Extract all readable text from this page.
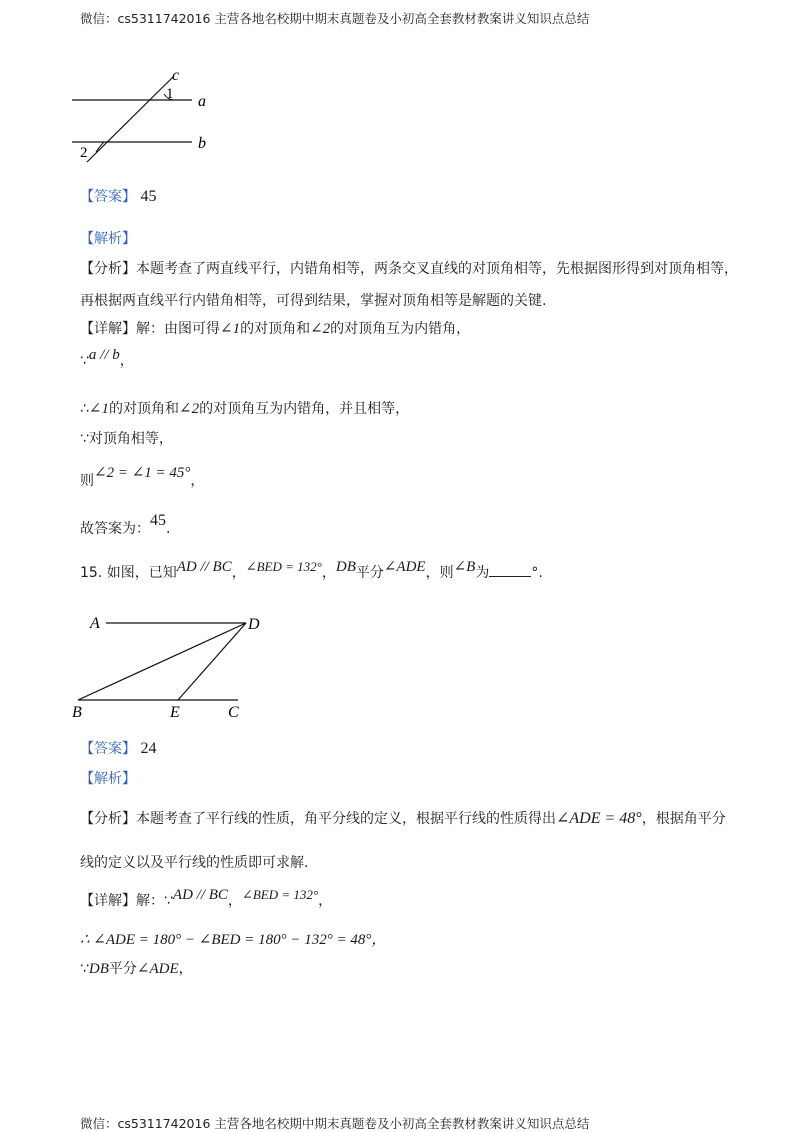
微信：cs5311742016 主营各地名校期中期末真题卷及小初高全套教材教案讲义知识点总结
c
1 a
b
2
【答案】 45
【解析】
【分析】本题考查了两直线平行，内错角相等，两条交叉直线的对顶角相等，先根据图形得到对顶角相等，
再根据两直线平行内错角相等，可得到结果，掌握对顶角相等是解题的关键.
【详解】解：由图可得∠1的对顶角和∠2的对顶角互为内错角，
∵a // b，
∴∠1的对顶角和∠2的对顶角互为内错角，并且相等，
∵对顶角相等，
则∠2 = ∠1 = 45°，
故答案为：45.
15. 如图，已知AD // BC，∠BED = 132°，DB平分∠ADE，则∠B为	°.
A	D
B	E	C
【答案】 24
【解析】
【分析】本题考查了平行线的性质，角平分线的定义，根据平行线的性质得出∠ADE = 48°，根据角平分
线的定义以及平行线的性质即可求解.
【详解】解：∵AD // BC，∠BED = 132°，
∴ ∠ADE = 180° − ∠BED = 180° − 132° = 48°，
∵DB平分∠ADE，
微信：cs5311742016 主营各地名校期中期末真题卷及小初高全套教材教案讲义知识点总结
